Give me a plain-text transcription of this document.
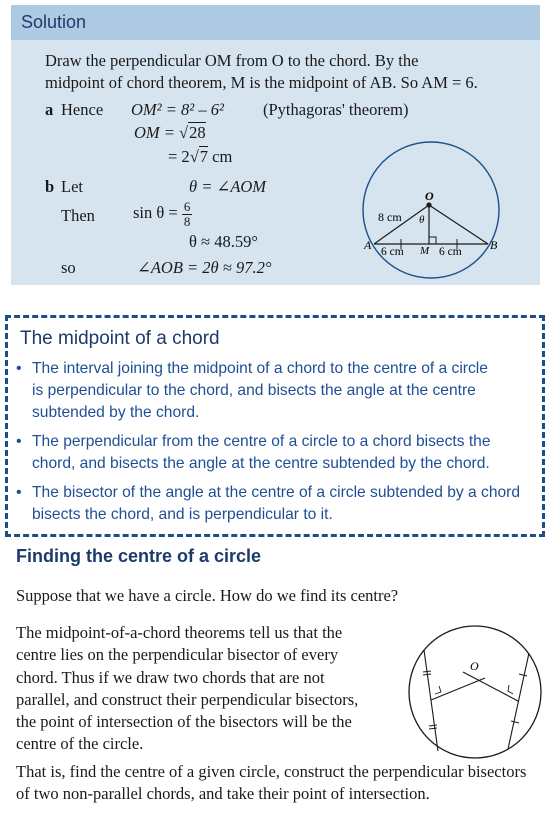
Solution
Draw the perpendicular OM from O to the chord. By the
midpoint of chord theorem, M is the midpoint of AB. So AM = 6.
a Hence OM² = 8² – 6² (Pythagoras' theorem)
OM = √28
= 2√7 cm
b Let	θ = ∠AOM
Then $\sin \theta = \frac{6}{8}$
θ ≈ 48.59°
so	∠AOB = 2θ ≈ 97.2°
O
A	B
M
8 cm θ
6 cm	6 cm
The midpoint of a chord
• The interval joining the midpoint of a chord to the centre of a circle
is perpendicular to the chord, and bisects the angle at the centre
subtended by the chord.
• The perpendicular from the centre of a circle to a chord bisects the
chord, and bisects the angle at the centre subtended by the chord.
• The bisector of the angle at the centre of a circle subtended by a chord
bisects the chord, and is perpendicular to it.
Finding the centre of a circle
Suppose that we have a circle. How do we find its centre?
The midpoint-of-a-chord theorems tell us that the
centre lies on the perpendicular bisector of every
chord. Thus if we draw two chords that are not
parallel, and construct their perpendicular bisectors,
the point of intersection of the bisectors will be the
centre of the circle.
O
That is, find the centre of a given circle, construct the perpendicular bisectors
of two non-parallel chords, and take their point of intersection.
